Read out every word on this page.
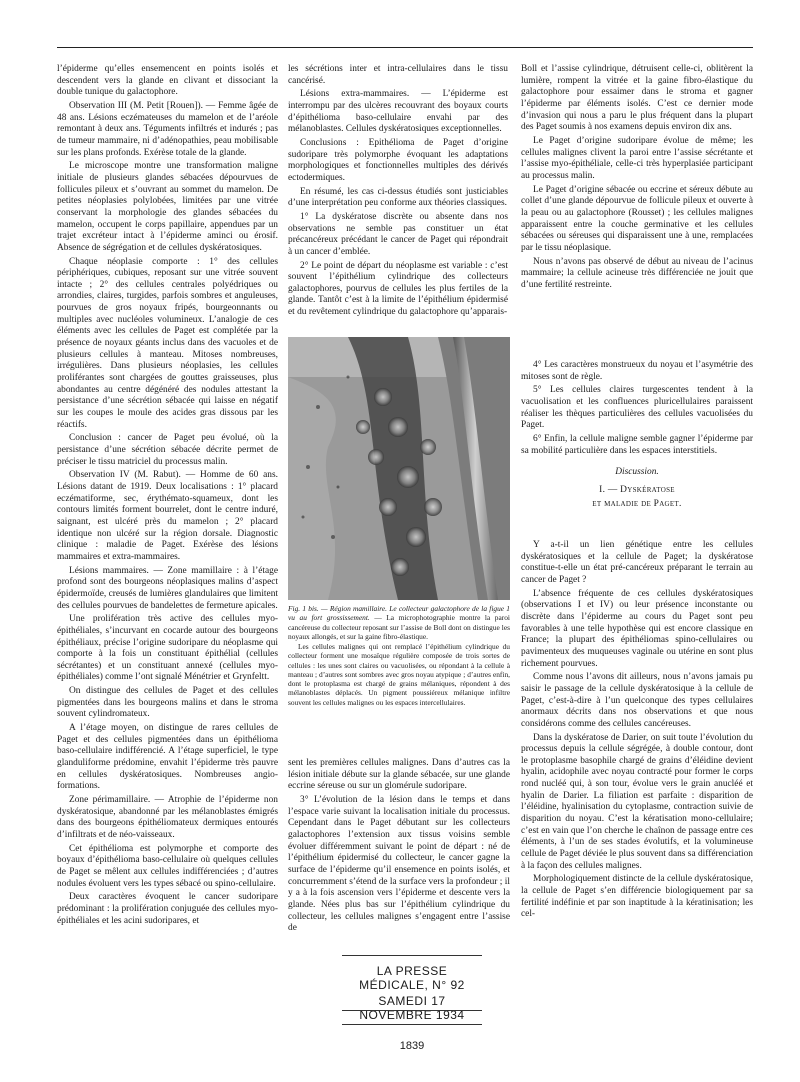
l’épiderme qu’elles ensemencent en points isolés et descendent vers la glande en clivant et dissociant la double tunique du galactophore.

Observation III (M. Petit [Rouen]). — Femme âgée de 48 ans. Lésions eczémateuses du mamelon et de l’aréole remontant à deux ans. Téguments infiltrés et indurés ; pas de tumeur mammaire, ni d’adénopathies, peau mobilisable sur les plans profonds. Exérèse totale de la glande.

Le microscope montre une transformation maligne initiale de plusieurs glandes sébacées dépourvues de follicules pileux et s’ouvrant au sommet du mamelon. De petites néoplasies polylobées, limitées par une vitrée conservant la morphologie des glandes sébacées du mamelon, occupent le corps papillaire, appendues par un trajet excréteur intact à l’épiderme aminci ou érosif. Absence de ségrégation et de cellules dyskératosiques.

Chaque néoplasie comporte : 1° des cellules périphériques, cubiques, reposant sur une vitrée souvent intacte ; 2° des cellules centrales polyédriques ou arrondies, claires, turgides, parfois sombres et anguleuses, pourvues de gros noyaux fripés, bourgeonnants ou multiples avec nucléoles volumineux. L’analogie de ces éléments avec les cellules de Paget est complétée par la présence de noyaux géants inclus dans des vacuoles et de plusieurs cellules à manteau. Mitoses nombreuses, irrégulières. Dans plusieurs néoplasies, les cellules proliférantes sont chargées de gouttes graisseuses, plus abondantes au centre dégénéré des nodules attestant la persistance d’une sécrétion sébacée qui laisse en négatif sur les coupes le moule des acides gras dissous par les réactifs.

Conclusion : cancer de Paget peu évolué, où la persistance d’une sécrétion sébacée décrite permet de préciser le tissu matriciel du processus malin.

Observation IV (M. Rabut). — Homme de 60 ans. Lésions datant de 1919. Deux localisations : 1° placard eczématiforme, sec, érythémato-squameux, dont les contours limités forment bourrelet, dont le centre induré, saignant, est ulcéré près du mamelon ; 2° placard identique non ulcéré sur la région dorsale. Diagnostic clinique : maladie de Paget. Exérèse des lésions mammaires et extra-mammaires.

Lésions mammaires. — Zone mamillaire : à l’étage profond sont des bourgeons néoplasiques malins d’aspect épidermoïde, creusés de lumières glandulaires que limitent des cellules pourvues de bandelettes de fermeture apicales.

Une prolifération très active des cellules myo-épithéliales, s’incurvant en cocarde autour des bourgeons épithéliaux, précise l’origine sudoripare du néoplasme qui comporte à la fois un constituant épithélial (cellules sécrétantes) et un constituant annexé (cellules myo-épithéliales) comme l’ont signalé Ménétrier et Grynfeltt.

On distingue des cellules de Paget et des cellules pigmentées dans les bourgeons malins et dans le stroma souvent cylindromateux.

A l’étage moyen, on distingue de rares cellules de Paget et des cellules pigmentées dans un épithélioma baso-cellulaire indifférencié. A l’étage superficiel, le type glanduliforme prédomine, envahit l’épiderme très pauvre en cellules dyskératosiques. Nombreuses angio-formations.

Zone périmamillaire. — Atrophie de l’épiderme non dyskératosique, abandonné par les mélanoblastes émigrés dans des bourgeons épithéliomateux dermiques entourés d’infiltrats et de néo-vaisseaux.

Cet épithélioma est polymorphe et comporte des boyaux d’épithélioma baso-cellulaire où quelques cellules de Paget se mêlent aux cellules indifférenciées ; d’autres nodules évoluent vers les types sébacé ou spino-cellulaire.

Deux caractères évoquent le cancer sudoripare prédominant : la prolifération conjuguée des cellules myo-épithéliales et les acini sudoripares, et

les sécrétions inter et intra-cellulaires dans le tissu cancérisé.

Lésions extra-mammaires. — L’épiderme est interrompu par des ulcères recouvrant des boyaux courts d’épithélioma baso-cellulaire envahi par des mélanoblastes. Cellules dyskératosiques exceptionnelles.

Conclusions : Epithélioma de Paget d’origine sudoripare très polymorphe évoquant les adaptations morphologiques et fonctionnelles multiples des dérivés ectodermiques.

En résumé, les cas ci-dessus étudiés sont justiciables d’une interprétation peu conforme aux théories classiques.

1° La dyskératose discrète ou absente dans nos observations ne semble pas constituer un état précancéreux précédant le cancer de Paget qui répondrait à un cancer d’emblée.

2° Le point de départ du néoplasme est variable : c’est souvent l’épithélium cylindrique des collecteurs galactophores, pourvus de cellules les plus fertiles de la glande. Tantôt c’est à la limite de l’épithélium épidermisé et du revêtement cylindrique du galactophore qu’apparais-

Boll et l’assise cylindrique, détruisent celle-ci, oblitèrent la lumière, rompent la vitrée et la gaine fibro-élastique du galactophore pour essaimer dans le stroma et gagner l’épiderme par éléments isolés. C’est ce dernier mode d’invasion qui nous a paru le plus fréquent dans la plupart des Paget soumis à nos examens depuis environ dix ans.

Le Paget d’origine sudoripare évolue de même; les cellules malignes clivent la paroi entre l’assise sécrétante et l’assise myo-épithéliale, celle-ci très hyperplasiée participant au processus malin.

Le Paget d’origine sébacée ou eccrine et séreux débute au collet d’une glande dépourvue de follicule pileux et ouverte à la peau ou au galactophore (Rousset) ; les cellules malignes apparaissent entre la couche germinative et les cellules sébacées ou séreuses qui disparaissent une à une, remplacées par le tissu néoplasique.

Nous n’avons pas observé de début au niveau de l’acinus mammaire; la cellule acineuse très différenciée ne jouit que d’une fertilité restreinte.

4° Les caractères monstrueux du noyau et l’asymétrie des mitoses sont de règle.

5° Les cellules claires turgescentes tendent à la vacuolisation et les confluences pluricellulaires paraissent réaliser les thèques particulières des cellules vacuolisées du Paget.

6° Enfin, la cellule maligne semble gagner l’épiderme par sa mobilité particulière dans les espaces interstitiels.

Discussion.

I. — Dyskératose

et maladie de Paget.

Y a-t-il un lien génétique entre les cellules dyskératosiques et la cellule de Paget; la dyskératose constitue-t-elle un état pré-cancéreux préparant le terrain au cancer de Paget ?

L’absence fréquente de ces cellules dyskératosiques (observations I et IV) ou leur présence inconstante ou discrète dans l’épiderme au cours du Paget sont peu favorables à une telle hypothèse qui est encore classique en France; la plupart des épithéliomas spino-cellulaires ou pavimenteux des muqueuses vaginale ou utérine en sont plus richement pourvues.

Comme nous l’avons dit ailleurs, nous n’avons jamais pu saisir le passage de la cellule dyskératosique à la cellule de Paget, c’est-à-dire à l’un quelconque des types cellulaires anormaux décrits dans nos observations et que nous considérons comme des cellules cancéreuses.

Dans la dyskératose de Darier, on suit toute l’évolution du processus depuis la cellule ségrégée, à double contour, dont le protoplasme basophile chargé de grains d’éléidine devient hyalin, acidophile avec noyau contracté pour former le corps rond nucléé qui, à son tour, évolue vers le grain anucléé et hyalin de Darier. La filiation est parfaite : disparition de l’éléidine, hyalinisation du cytoplasme, contraction suivie de disparition du noyau. C’est la kératisation mono-cellulaire; c’est en vain que l’on cherche le chaînon de passage entre ces éléments, à l’un de ses stades évolutifs, et la volumineuse cellule de Paget déviée le plus souvent dans sa différenciation à la façon des cellules malignes.

Morphologiquement distincte de la cellule dyskératosique, la cellule de Paget s’en différencie biologiquement par sa fertilité indéfinie et par son inaptitude à la kératinisation; les cel-

Fig. 1 bis. — Région mamillaire. Le collecteur galactophore de la figue 1 vu au fort grossissement. — La microphotographie montre la paroi cancéreuse du collecteur reposant sur l’assise de Boll dont on distingue les noyaux allongés, et sur la gaine fibro-élastique.

Les cellules malignes qui ont remplacé l’épithélium cylindrique du collecteur forment une mosaïque régulière composée de trois sortes de cellules : les unes sont claires ou vacuolisées, ou répondant à la cellule à manteau ; d’autres sont sombres avec gros noyau atypique ; d’autres enfin, dont le protoplasma est chargé de grains mélaniques, répondent à des mélanoblastes déplacés. Un pigment poussiéreux mélanique infiltre souvent les cellules malignes ou les espaces intercellulaires.

sent les premières cellules malignes. Dans d’autres cas la lésion initiale débute sur la glande sébacée, sur une glande eccrine séreuse ou sur un glomérule sudoripare.

3° L’évolution de la lésion dans le temps et dans l’espace varie suivant la localisation initiale du processus. Cependant dans le Paget débutant sur les collecteurs galactophores l’extension aux tissus voisins semble évoluer différemment suivant le point de départ : né de l’épithélium épidermisé du collecteur, le cancer gagne la surface de l’épiderme qu’il ensemence en points isolés, et concurremment s’étend de la surface vers la profondeur ; il y a à la fois ascension vers l’épiderme et descente vers la glande. Nées plus bas sur l’épithélium cylindrique du collecteur, les cellules malignes s’engagent entre l’assise de

LA PRESSE MÉDICALE, N° 92
SAMEDI 17 NOVEMBRE 1934
1839
